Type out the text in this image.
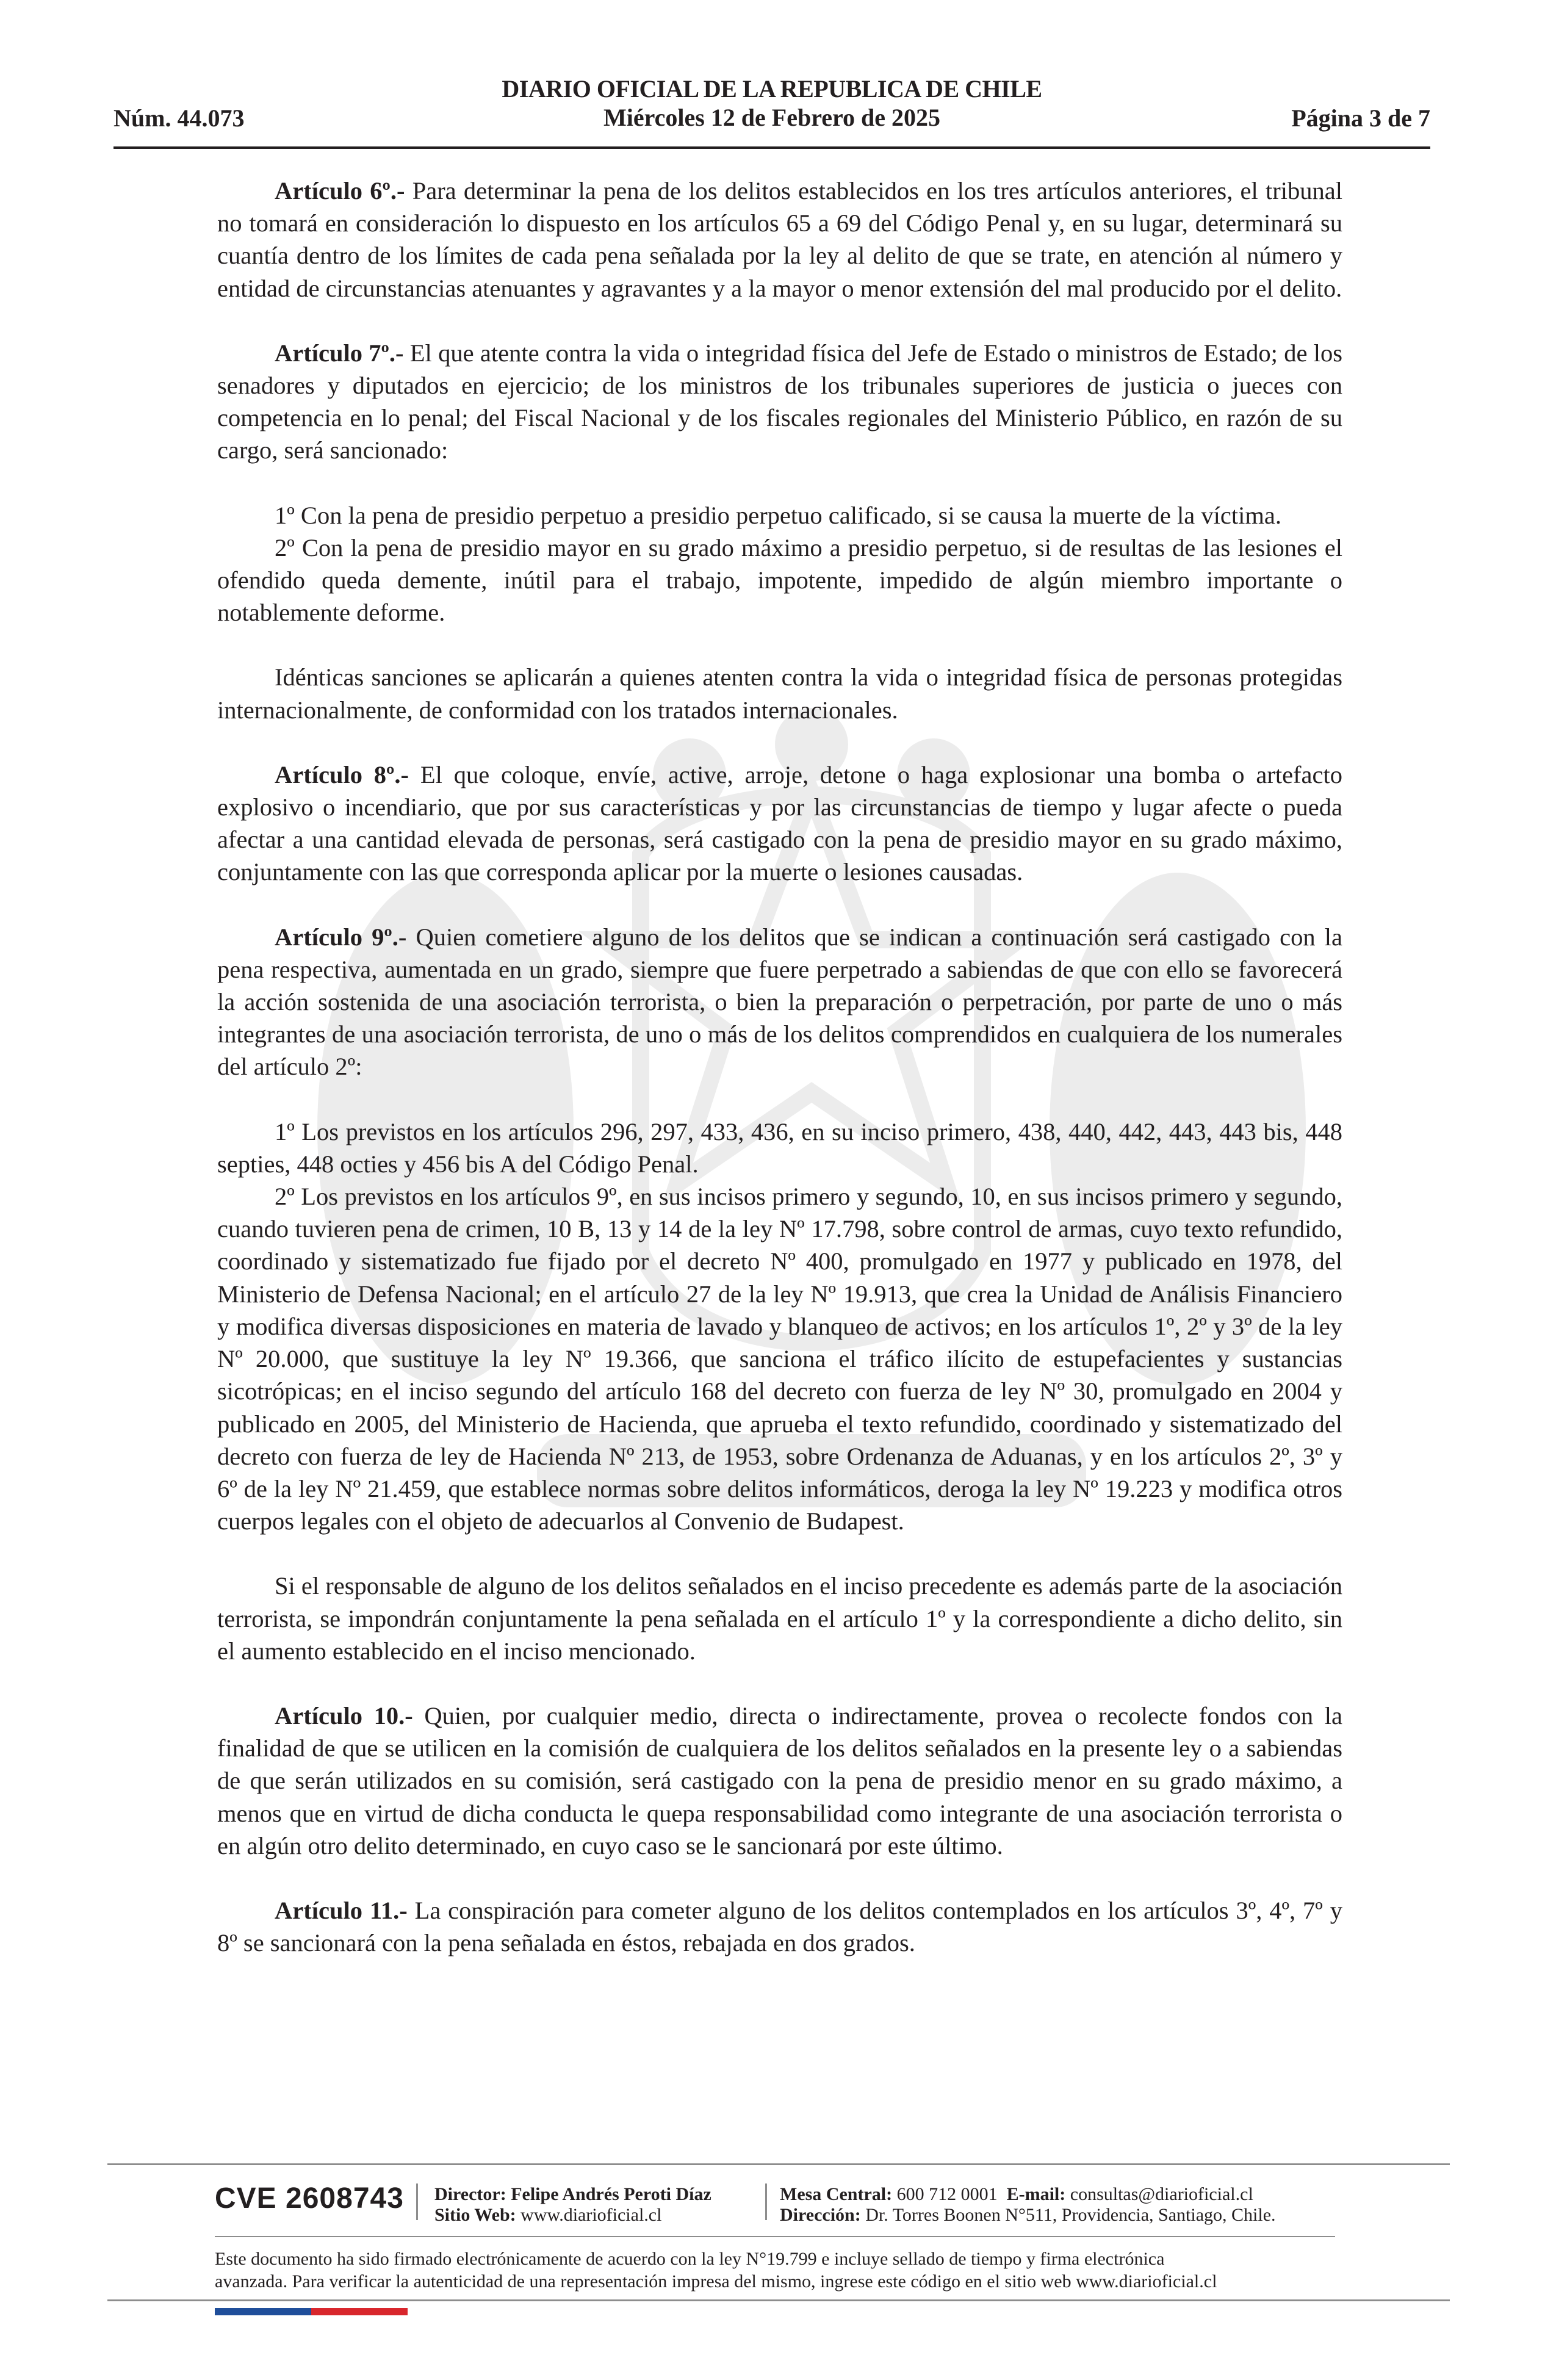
DIARIO OFICIAL DE LA REPUBLICA DE CHILE
Miércoles 12 de Febrero de 2025
Núm. 44.073	Página 3 de 7

Artículo 6º.- Para determinar la pena de los delitos establecidos en los tres artículos anteriores, el tribunal no tomará en consideración lo dispuesto en los artículos 65 a 69 del Código Penal y, en su lugar, determinará su cuantía dentro de los límites de cada pena señalada por la ley al delito de que se trate, en atención al número y entidad de circunstancias atenuantes y agravantes y a la mayor o menor extensión del mal producido por el delito.

Artículo 7º.- El que atente contra la vida o integridad física del Jefe de Estado o ministros de Estado; de los senadores y diputados en ejercicio; de los ministros de los tribunales superiores de justicia o jueces con competencia en lo penal; del Fiscal Nacional y de los fiscales regionales del Ministerio Público, en razón de su cargo, será sancionado:

1º Con la pena de presidio perpetuo a presidio perpetuo calificado, si se causa la muerte de la víctima.

2º Con la pena de presidio mayor en su grado máximo a presidio perpetuo, si de resultas de las lesiones el ofendido queda demente, inútil para el trabajo, impotente, impedido de algún miembro importante o notablemente deforme.

Idénticas sanciones se aplicarán a quienes atenten contra la vida o integridad física de personas protegidas internacionalmente, de conformidad con los tratados internacionales.

Artículo 8º.- El que coloque, envíe, active, arroje, detone o haga explosionar una bomba o artefacto explosivo o incendiario, que por sus características y por las circunstancias de tiempo y lugar afecte o pueda afectar a una cantidad elevada de personas, será castigado con la pena de presidio mayor en su grado máximo, conjuntamente con las que corresponda aplicar por la muerte o lesiones causadas.

Artículo 9º.- Quien cometiere alguno de los delitos que se indican a continuación será castigado con la pena respectiva, aumentada en un grado, siempre que fuere perpetrado a sabiendas de que con ello se favorecerá la acción sostenida de una asociación terrorista, o bien la preparación o perpetración, por parte de uno o más integrantes de una asociación terrorista, de uno o más de los delitos comprendidos en cualquiera de los numerales del artículo 2º:

1º Los previstos en los artículos 296, 297, 433, 436, en su inciso primero, 438, 440, 442, 443, 443 bis, 448 septies, 448 octies y 456 bis A del Código Penal.

2º Los previstos en los artículos 9º, en sus incisos primero y segundo, 10, en sus incisos primero y segundo, cuando tuvieren pena de crimen, 10 B, 13 y 14 de la ley Nº 17.798, sobre control de armas, cuyo texto refundido, coordinado y sistematizado fue fijado por el decreto Nº 400, promulgado en 1977 y publicado en 1978, del Ministerio de Defensa Nacional; en el artículo 27 de la ley Nº 19.913, que crea la Unidad de Análisis Financiero y modifica diversas disposiciones en materia de lavado y blanqueo de activos; en los artículos 1º, 2º y 3º de la ley Nº 20.000, que sustituye la ley Nº 19.366, que sanciona el tráfico ilícito de estupefacientes y sustancias sicotrópicas; en el inciso segundo del artículo 168 del decreto con fuerza de ley Nº 30, promulgado en 2004 y publicado en 2005, del Ministerio de Hacienda, que aprueba el texto refundido, coordinado y sistematizado del decreto con fuerza de ley de Hacienda Nº 213, de 1953, sobre Ordenanza de Aduanas, y en los artículos 2º, 3º y 6º de la ley Nº 21.459, que establece normas sobre delitos informáticos, deroga la ley Nº 19.223 y modifica otros cuerpos legales con el objeto de adecuarlos al Convenio de Budapest.

Si el responsable de alguno de los delitos señalados en el inciso precedente es además parte de la asociación terrorista, se impondrán conjuntamente la pena señalada en el artículo 1º y la correspondiente a dicho delito, sin el aumento establecido en el inciso mencionado.

Artículo 10.- Quien, por cualquier medio, directa o indirectamente, provea o recolecte fondos con la finalidad de que se utilicen en la comisión de cualquiera de los delitos señalados en la presente ley o a sabiendas de que serán utilizados en su comisión, será castigado con la pena de presidio menor en su grado máximo, a menos que en virtud de dicha conducta le quepa responsabilidad como integrante de una asociación terrorista o en algún otro delito determinado, en cuyo caso se le sancionará por este último.

Artículo 11.- La conspiración para cometer alguno de los delitos contemplados en los artículos 3º, 4º, 7º y 8º se sancionará con la pena señalada en éstos, rebajada en dos grados.

CVE 2608743 Director: Felipe Andrés Peroti Díaz
Sitio Web: www.diarioficial.cl
Mesa Central: 600 712 0001 E-mail: consultas@diarioficial.cl
Dirección: Dr. Torres Boonen N°511, Providencia, Santiago, Chile.
Este documento ha sido firmado electrónicamente de acuerdo con la ley N°19.799 e incluye sellado de tiempo y firma electrónica
avanzada. Para verificar la autenticidad de una representación impresa del mismo, ingrese este código en el sitio web www.diarioficial.cl
